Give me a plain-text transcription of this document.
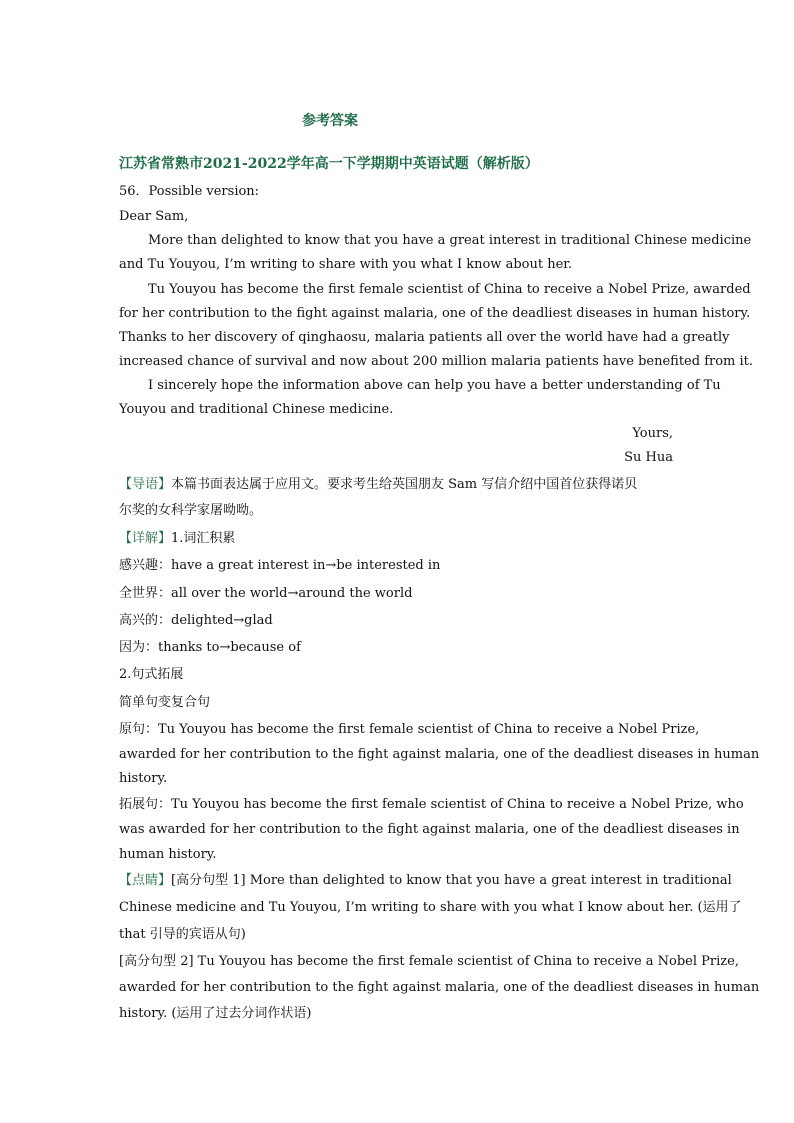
参考答案
江苏省常熟市2021-2022学年高一下学期期中英语试题（解析版）
56．Possible version:
Dear Sam,
More than delighted to know that you have a great interest in traditional Chinese medicine
and Tu Youyou, I’m writing to share with you what I know about her.
Tu Youyou has become the first female scientist of China to receive a Nobel Prize, awarded
for her contribution to the fight against malaria, one of the deadliest diseases in human history.
Thanks to her discovery of qinghaosu, malaria patients all over the world have had a greatly
increased chance of survival and now about 200 million malaria patients have benefited from it.
I sincerely hope the information above can help you have a better understanding of Tu
Youyou and traditional Chinese medicine.
Yours,
Su Hua
【导语】本篇书面表达属于应用文。要求考生给英国朋友 Sam 写信介绍中国首位获得诺贝
尔奖的女科学家屠呦呦。
【详解】1.词汇积累
感兴趣：have a great interest in→be interested in
全世界：all over the world→around the world
高兴的：delighted→glad
因为：thanks to→because of
2.句式拓展
简单句变复合句
原句：Tu Youyou has become the first female scientist of China to receive a Nobel Prize,
awarded for her contribution to the fight against malaria, one of the deadliest diseases in human
history.
拓展句：Tu Youyou has become the first female scientist of China to receive a Nobel Prize, who
was awarded for her contribution to the fight against malaria, one of the deadliest diseases in
human history.
【点睛】[高分句型 1] More than delighted to know that you have a great interest in traditional
Chinese medicine and Tu Youyou, I’m writing to share with you what I know about her. (运用了
that 引导的宾语从句)
[高分句型 2] Tu Youyou has become the first female scientist of China to receive a Nobel Prize,
awarded for her contribution to the fight against malaria, one of the deadliest diseases in human
history. (运用了过去分词作状语)
